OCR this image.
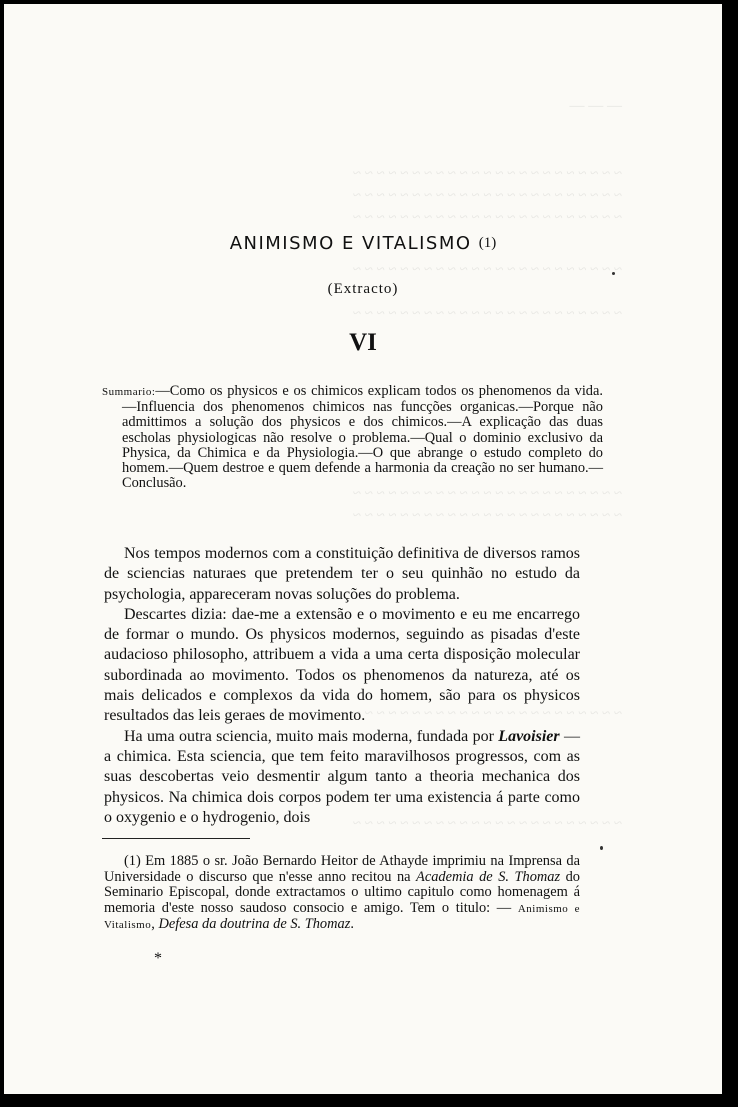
— — —
~ ~ ~ ~ ~ ~ ~ ~ ~ ~ ~ ~ ~ ~ ~ ~ ~ ~ ~ ~ ~ ~ ~
~ ~ ~ ~ ~ ~ ~ ~ ~ ~ ~ ~ ~ ~ ~ ~ ~ ~ ~ ~ ~ ~ ~
~ ~ ~ ~ ~ ~ ~ ~ ~ ~ ~ ~ ~ ~ ~ ~ ~ ~ ~ ~ ~ ~ ~
~ ~ ~ ~ ~ ~ ~ ~ ~ ~ ~ ~ ~ ~ ~ ~ ~ ~ ~ ~ ~ ~ ~
~ ~ ~ ~ ~ ~ ~ ~ ~ ~ ~ ~ ~ ~ ~ ~ ~ ~ ~ ~ ~ ~ ~
~ ~ ~ ~ ~ ~ ~ ~ ~ ~ ~ ~ ~ ~ ~ ~ ~ ~ ~ ~ ~ ~ ~
~ ~ ~ ~ ~ ~ ~ ~ ~ ~ ~ ~ ~ ~ ~ ~ ~ ~ ~ ~ ~ ~ ~
~ ~ ~ ~ ~ ~ ~ ~ ~ ~ ~ ~ ~ ~ ~ ~ ~ ~ ~ ~ ~ ~ ~
~ ~ ~ ~ ~ ~ ~ ~ ~ ~ ~ ~ ~ ~ ~ ~ ~ ~ ~ ~ ~ ~ ~
ANIMISMO E VITALISMO $^{(1)}$
(Extracto)
VI
Summario:—Como os physicos e os chimicos explicam todos os phenomenos da vida.—Influencia dos phenomenos chimicos nas funcções organicas.—Porque não admittimos a solução dos physicos e dos chimicos.—A explicação das duas escholas physiologicas não resolve o problema.—Qual o dominio exclusivo da Physica, da Chimica e da Physiologia.—O que abrange o estudo completo do homem.—Quem destroe e quem defende a harmonia da creação no ser humano.—Conclusão.

Nos tempos modernos com a constituição definitiva de diversos ramos de sciencias naturaes que pretendem ter o seu quinhão no estudo da psychologia, appareceram novas soluções do problema.

Descartes dizia: dae-me a extensão e o movimento e eu me encarrego de formar o mundo. Os physicos modernos, seguindo as pisadas d'este audacioso philosopho, attribuem a vida a uma certa disposição molecular subordinada ao movimento. Todos os phenomenos da natureza, até os mais delicados e complexos da vida do homem, são para os physicos resultados das leis geraes de movimento.

Ha uma outra sciencia, muito mais moderna, fundada por Lavoisier — a chimica. Esta sciencia, que tem feito maravilhosos progressos, com as suas descobertas veio desmentir algum tanto a theoria mechanica dos physicos. Na chimica dois corpos podem ter uma existencia á parte como o oxygenio e o hydrogenio, dois

(1) Em 1885 o sr. João Bernardo Heitor de Athayde imprimiu na Imprensa da Universidade o discurso que n'esse anno recitou na Academia de S. Thomaz do Seminario Episcopal, donde extractamos o ultimo capitulo como homenagem á memoria d'este nosso saudoso consocio e amigo. Tem o titulo: — Animismo e Vitalismo, Defesa da doutrina de S. Thomaz.

*
